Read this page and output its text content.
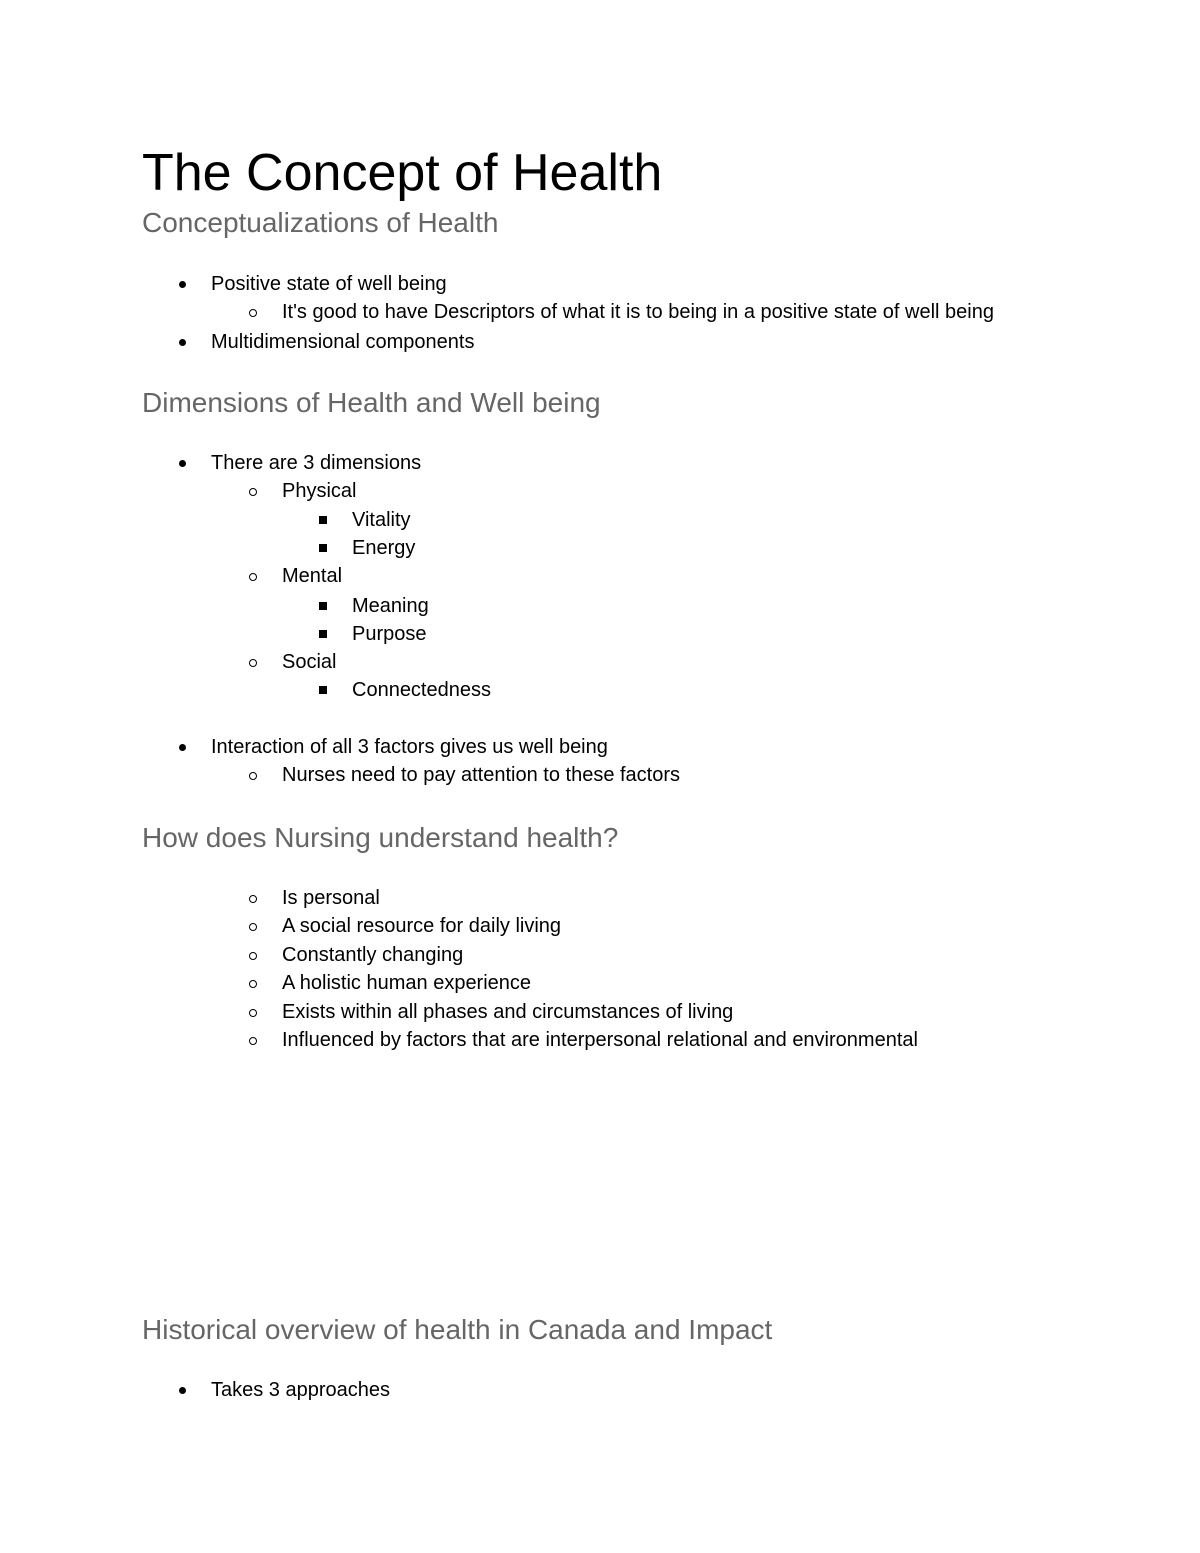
The Concept of Health
Conceptualizations of Health
Positive state of well being
It's good to have Descriptors of what it is to being in a positive state of well being
Multidimensional components
Dimensions of Health and Well being
There are 3 dimensions
Physical
Vitality
Energy
Mental
Meaning
Purpose
Social
Connectedness
Interaction of all 3 factors gives us well being
Nurses need to pay attention to these factors
How does Nursing understand health?
Is personal
A social resource for daily living
Constantly changing
A holistic human experience
Exists within all phases and circumstances of living
Influenced by factors that are interpersonal relational and environmental
Historical overview of health in Canada and Impact
Takes 3 approaches
